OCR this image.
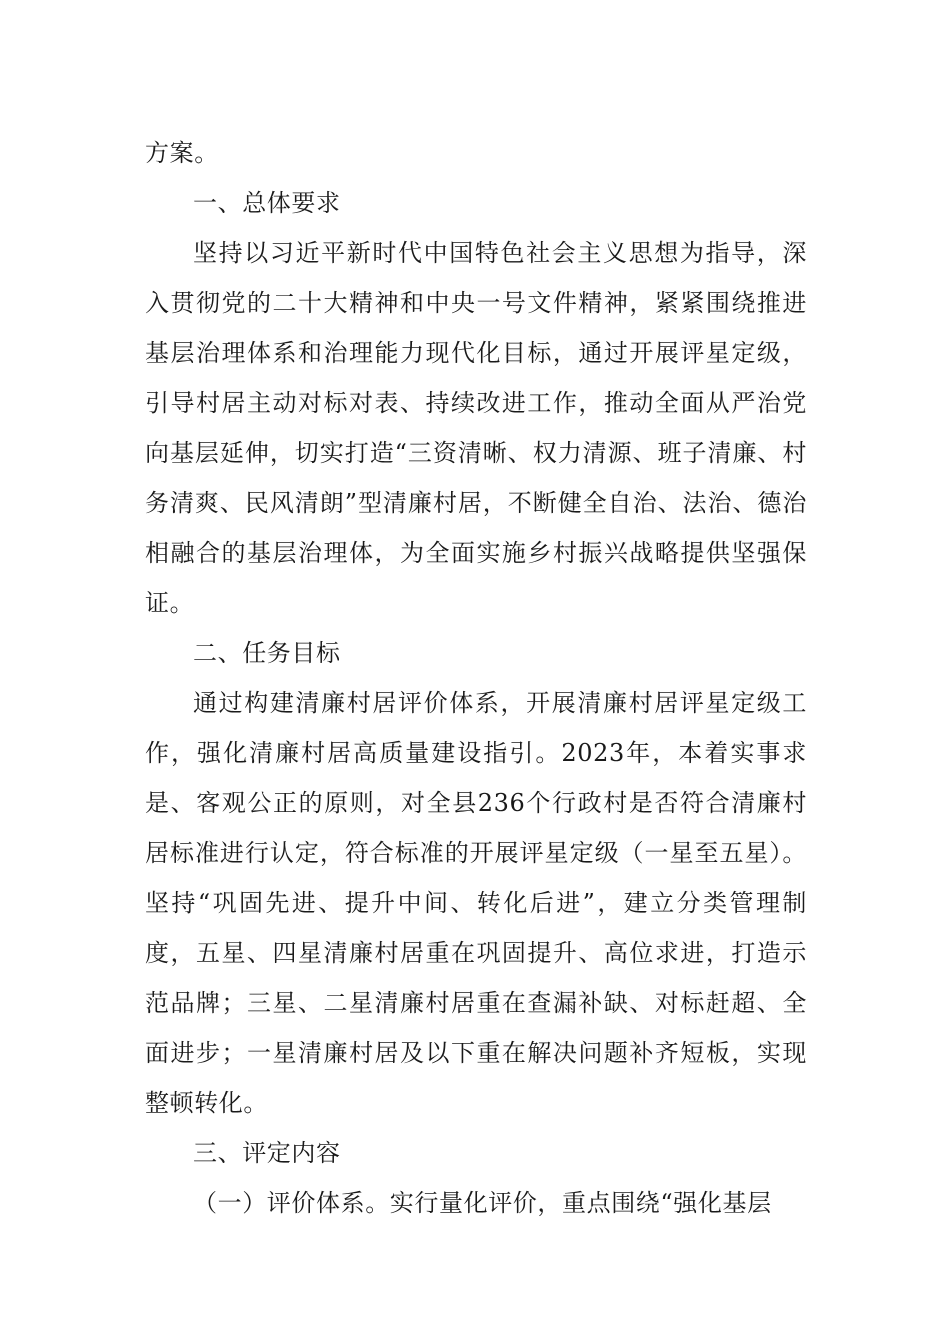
方案。

一、总体要求

坚持以习近平新时代中国特色社会主义思想为指导，深入贯彻党的二十大精神和中央一号文件精神，紧紧围绕推进基层治理体系和治理能力现代化目标，通过开展评星定级，引导村居主动对标对表、持续改进工作，推动全面从严治党向基层延伸，切实打造“三资清晰、权力清源、班子清廉、村务清爽、民风清朗”型清廉村居，不断健全自治、法治、德治相融合的基层治理体，为全面实施乡村振兴战略提供坚强保证。

二、任务目标

通过构建清廉村居评价体系，开展清廉村居评星定级工作，强化清廉村居高质量建设指引。2023年，本着实事求是、客观公正的原则，对全县236个行政村是否符合清廉村居标准进行认定，符合标准的开展评星定级（一星至五星）。坚持“巩固先进、提升中间、转化后进”，建立分类管理制度，五星、四星清廉村居重在巩固提升、高位求进，打造示范品牌；三星、二星清廉村居重在查漏补缺、对标赶超、全面进步；一星清廉村居及以下重在解决问题补齐短板，实现整顿转化。

三、评定内容

（一）评价体系。实行量化评价，重点围绕“强化基层
